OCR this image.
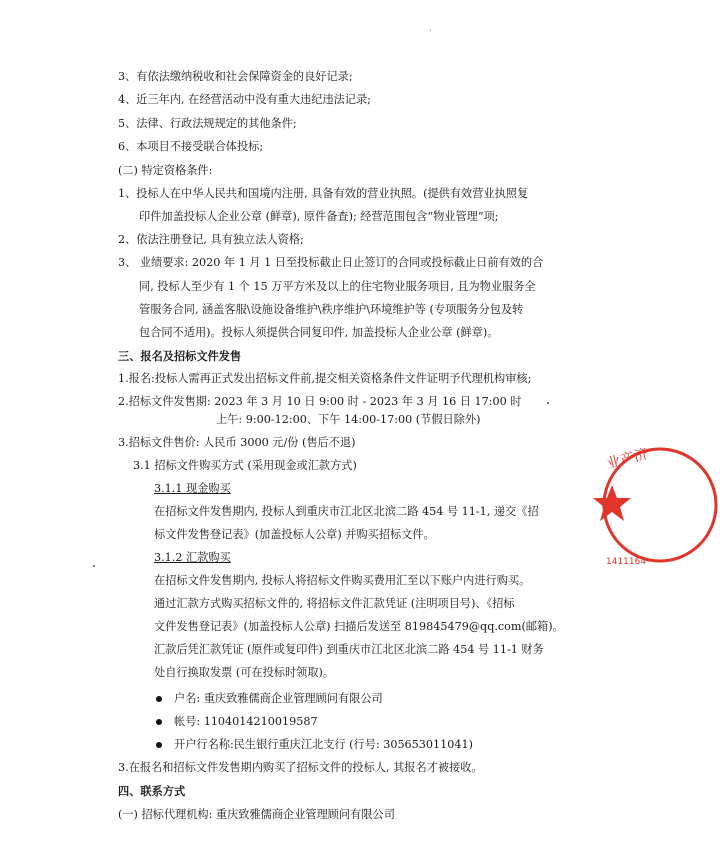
3、有依法缴纳税收和社会保障资金的良好记录;
4、近三年内, 在经营活动中没有重大违纪违法记录;
5、法律、行政法规规定的其他条件;
6、本项目不接受联合体投标;
(二) 特定资格条件:
1、投标人在中华人民共和国境内注册, 具备有效的营业执照。(提供有效营业执照复
印件加盖投标人企业公章 (鲜章), 原件备查); 经营范围包含“物业管理”项;
2、依法注册登记, 具有独立法人资格;
3、 业绩要求: 2020 年 1 月 1 日至投标截止日止签订的合同或投标截止日前有效的合
同, 投标人至少有 1 个 15 万平方米及以上的住宅物业服务项目, 且为物业服务全
管服务合同, 涵盖客服\设施设备维护\秩序维护\环境维护等 (专项服务分包及转
包合同不适用)。投标人须提供合同复印件, 加盖投标人企业公章 (鲜章)。
三、报名及招标文件发售
1.报名:投标人需再正式发出招标文件前,提交相关资格条件文件证明予代理机构审核;
2.招标文件发售期: 2023 年 3 月 10 日 9:00 时 - 2023 年 3 月 16 日 17:00 时
上午: 9:00-12:00、下午 14:00-17:00 (节假日除外)
3.招标文件售价: 人民币 3000 元/份 (售后不退)
3.1 招标文件购买方式 (采用现金或汇款方式)
3.1.1 现金购买
在招标文件发售期内, 投标人到重庆市江北区北滨二路 454 号 11-1, 递交《招
标文件发售登记表》(加盖投标人公章) 并购买招标文件。
3.1.2 汇款购买
在招标文件发售期内, 投标人将招标文件购买费用汇至以下账户内进行购买。
通过汇款方式购买招标文件的, 将招标文件汇款凭证 (注明项目号)、《招标
文件发售登记表》(加盖投标人公章) 扫描后发送至 819845479@qq.com(邮箱)。
汇款后凭汇款凭证 (原件或复印件) 到重庆市江北区北滨二路 454 号 11-1 财务
处自行换取发票 (可在投标时领取)。
户名: 重庆致雅儒商企业管理顾问有限公司
帐号: 1104014210019587
开户行名称:民生银行重庆江北支行 (行号: 305653011041)
3.在报名和招标文件发售期内购买了招标文件的投标人, 其报名才被接收。
四、联系方式
(一) 招标代理机构: 重庆致雅儒商企业管理顾问有限公司
业产济
1411164
